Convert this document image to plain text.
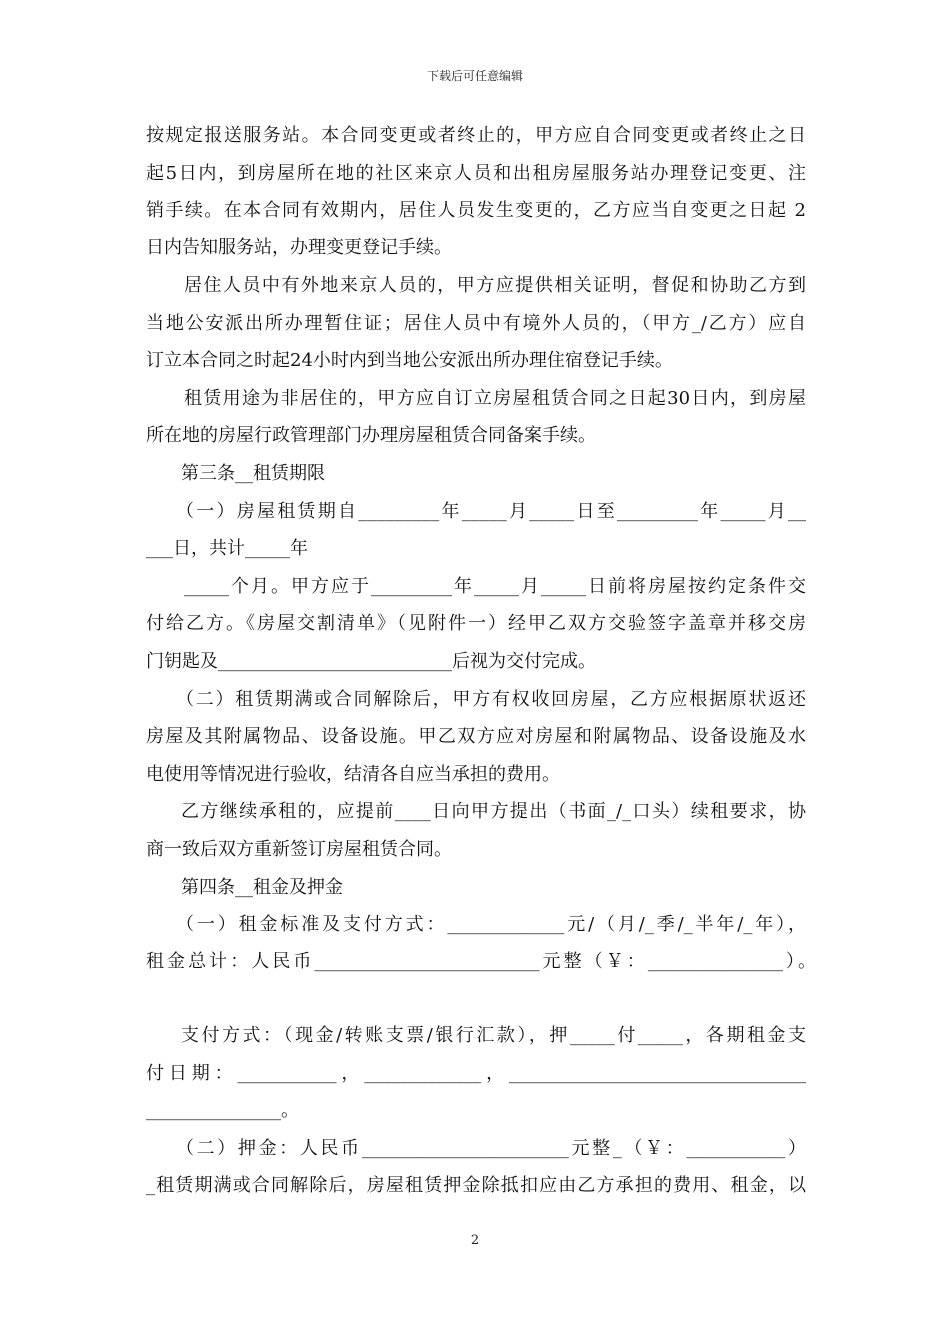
下载后可任意编辑
按规定报送服务站。本合同变更或者终止的，甲方应自合同变更或者终止之日
起5日内，到房屋所在地的社区来京人员和出租房屋服务站办理登记变更、注
销手续。在本合同有效期内，居住人员发生变更的，乙方应当自变更之日起 2
日内告知服务站，办理变更登记手续。
居住人员中有外地来京人员的，甲方应提供相关证明，督促和协助乙方到
当地公安派出所办理暂住证；居住人员中有境外人员的，（甲方_/乙方）应自
订立本合同之时起24小时内到当地公安派出所办理住宿登记手续。
租赁用途为非居住的，甲方应自订立房屋租赁合同之日起30日内，到房屋
所在地的房屋行政管理部门办理房屋租赁合同备案手续。
第三条__租赁期限
（一）房屋租赁期自_________年_____月_____日至_________年_____月__
___日，共计_____年
_____个月。甲方应于_________年_____月_____日前将房屋按约定条件交
付给乙方。《房屋交割清单》（见附件一）经甲乙双方交验签字盖章并移交房
门钥匙及__________________________后视为交付完成。
（二）租赁期满或合同解除后，甲方有权收回房屋，乙方应根据原状返还
房屋及其附属物品、设备设施。甲乙双方应对房屋和附属物品、设备设施及水
电使用等情况进行验收，结清各自应当承担的费用。
乙方继续承租的，应提前____日向甲方提出（书面_/_口头）续租要求，协
商一致后双方重新签订房屋租赁合同。
第四条__租金及押金
（一）租金标准及支付方式：_____________元/（月/_季/_半年/_年），
租金总计：人民币_________________________元整（￥：_______________）。
支付方式：（现金/转账支票/银行汇款），押_____付_____，各期租金支
付日期：___________，_____________，_________________________________
_______________。
（二）押金：人民币_______________________元整_（￥：___________）
_租赁期满或合同解除后，房屋租赁押金除抵扣应由乙方承担的费用、租金，以
2
